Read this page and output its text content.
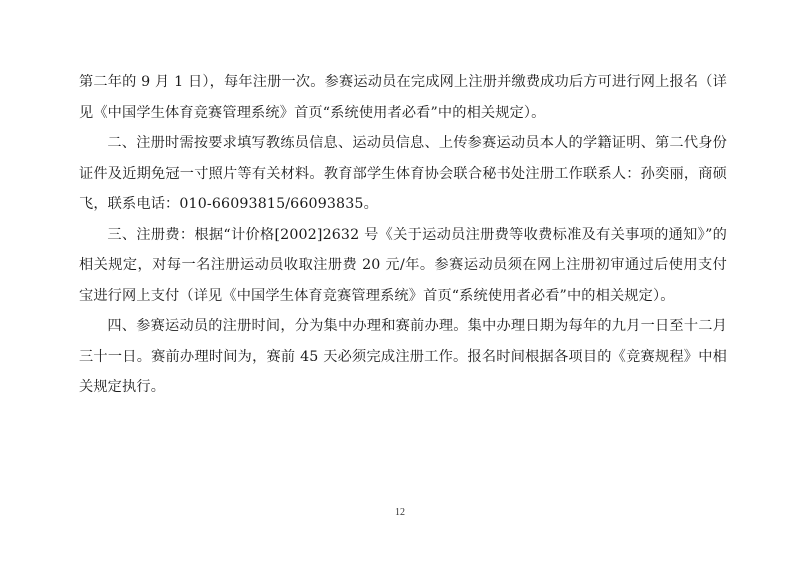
第二年的 9 月 1 日），每年注册一次。参赛运动员在完成网上注册并缴费成功后方可进行网上报名（详见《中国学生体育竞赛管理系统》首页“系统使用者必看”中的相关规定）。

二、注册时需按要求填写教练员信息、运动员信息、上传参赛运动员本人的学籍证明、第二代身份证件及近期免冠一寸照片等有关材料。教育部学生体育协会联合秘书处注册工作联系人：孙奕丽，商硕飞，联系电话：010-66093815/66093835。

三、注册费：根据“计价格[2002]2632 号《关于运动员注册费等收费标准及有关事项的通知》”的相关规定，对每一名注册运动员收取注册费 20 元/年。参赛运动员须在网上注册初审通过后使用支付宝进行网上支付（详见《中国学生体育竞赛管理系统》首页“系统使用者必看”中的相关规定）。

四、参赛运动员的注册时间，分为集中办理和赛前办理。集中办理日期为每年的九月一日至十二月三十一日。赛前办理时间为，赛前 45 天必须完成注册工作。报名时间根据各项目的《竞赛规程》中相关规定执行。

12
